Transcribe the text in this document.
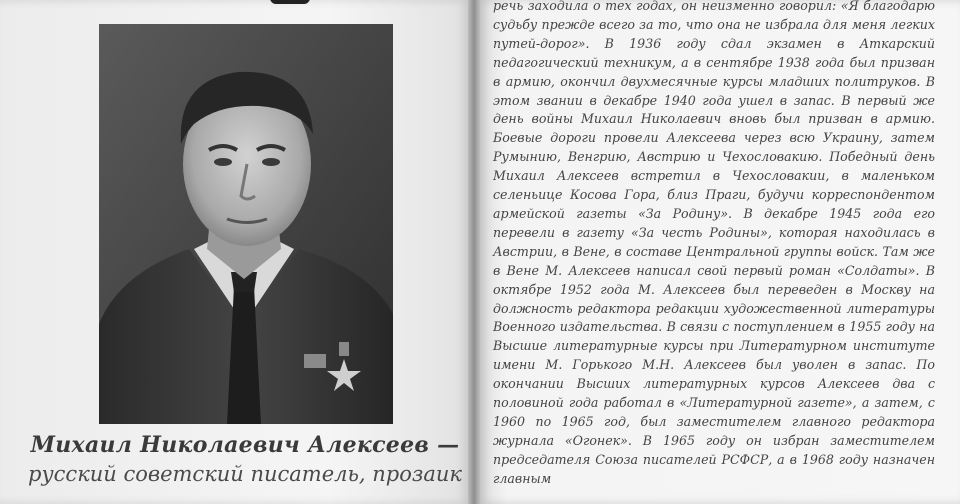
Михаил Николаевич Алексеев —
русский советский писатель, прозаик

речь заходила о тех годах, он неизменно говорил: «Я благодарю судьбу прежде всего за то, что она не избрала для меня легких путей-дорог». В 1936 году сдал экзамен в Аткарский педагогический техникум, а в сентябре 1938 года был призван в армию, окончил двухмесячные курсы младших политруков. В этом звании в декабре 1940 года ушел в запас. В первый же день войны Михаил Николаевич вновь был призван в армию. Боевые дороги провели Алексеева через всю Украину, затем Румынию, Венгрию, Австрию и Чехословакию. Победный день Михаил Алексеев встретил в Чехословакии, в маленьком селеньице Косова Гора, близ Праги, будучи корреспондентом армейской газеты «За Родину». В декабре 1945 года его перевели в газету «За честь Родины», которая находилась в Австрии, в Вене, в составе Центральной группы войск. Там же в Вене М. Алексеев написал свой первый роман «Солдаты». В октябре 1952 года М. Алексеев был переведен в Москву на должность редактора редакции художественной литературы Военного издательства. В связи с поступлением в 1955 году на Высшие литературные курсы при Литературном институте имени М. Горького М.Н. Алексеев был уволен в запас. По окончании Высших литературных курсов Алексеев два с половиной года работал в «Литературной газете», а затем, с 1960 по 1965 год, был заместителем главного редактора журнала «Огонек». В 1965 году он избран заместителем председателя Союза писателей РСФСР, а в 1968 году назначен главным
